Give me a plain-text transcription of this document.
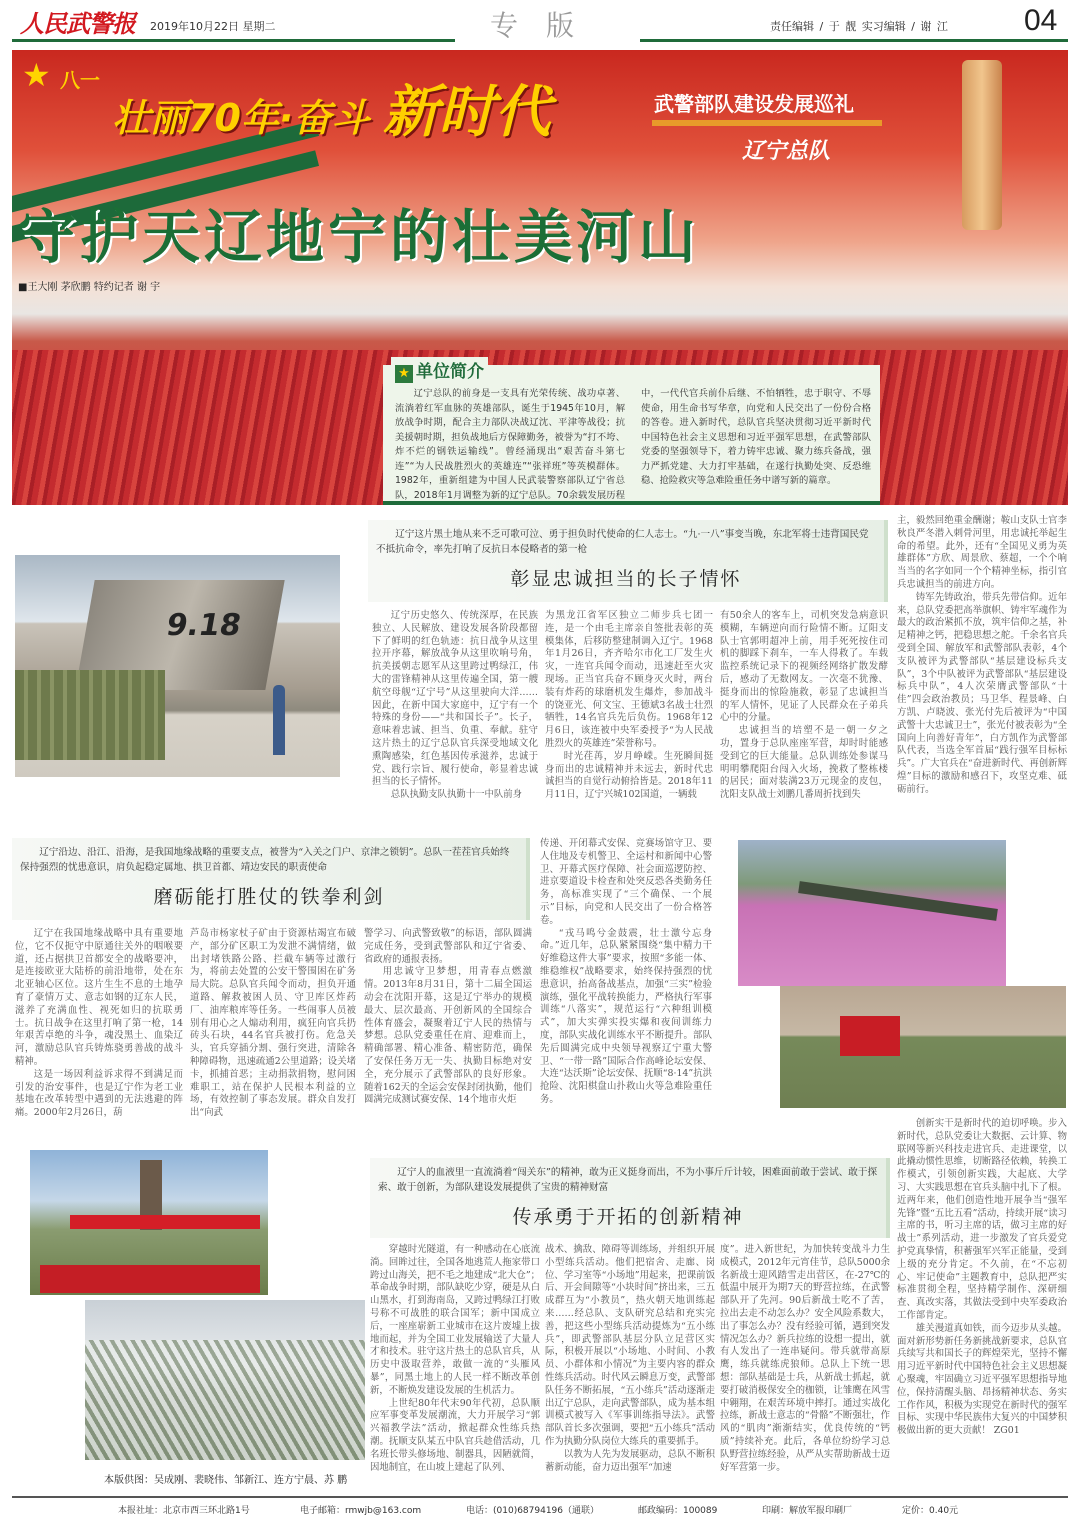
人民武警报 2019年10月22日 星期二	专版	责任编辑 / 于 靓 实习编辑 / 谢 江	04
★ 八一
壮丽70年·奋斗 新时代	武警部队建设发展巡礼
辽宁总队
守护天辽地宁的壮美河山
■王大刚 茅欣鹏 特约记者 谢 宇
★ 单位简介

辽宁总队的前身是一支具有光荣传统、战功卓著、流淌着红军血脉的英雄部队，诞生于1945年10月，解放战争时期，配合主力部队决战辽沈、平津等战役；抗美援朝时期，担负战地后方保障勤务，被誉为“打不垮、炸不烂的钢铁运输线”。曾经涌现出“艰苦奋斗第七连”“为人民战胜烈火的英雄连”“张祥班”等英模群体。1982年，重新组建为中国人民武装警察部队辽宁省总队，2018年1月调整为新的辽宁总队。70余载发展历程中，一代代官兵前仆后继、不怕牺牲，忠于职守、不辱使命，用生命书写华章，向党和人民交出了一份份合格的答卷。进入新时代，总队官兵坚决贯彻习近平新时代中国特色社会主义思想和习近平强军思想，在武警部队党委的坚强领导下，着力铸牢忠诚、聚力练兵备战，强力严抓党建、大力打牢基础，在遂行执勤处突、反恐维稳、抢险救灾等急难险重任务中谱写新的篇章。

9.18
辽宁这片黑土地从来不乏可歌可泣、勇于担负时代使命的仁人志士。“九·一八”事变当晚，东北军将士违背国民党不抵抗命令，率先打响了反抗日本侵略者的第一枪
彰显忠诚担当的长子情怀

辽宁历史悠久、传统深厚，在民族独立、人民解放、建设发展各阶段都留下了鲜明的红色轨迹：抗日战争从这里拉开序幕，解放战争从这里吹响号角，抗美援朝志愿军从这里跨过鸭绿江，伟大的雷锋精神从这里传遍全国，第一艘航空母舰“辽宁号”从这里驶向大洋……因此，在新中国大家庭中，辽宁有一个特殊的身份——“共和国长子”。长子，意味着忠诚、担当、负重、奉献。驻守这片热土的辽宁总队官兵深受地域文化熏陶感染，红色基因传承滋养，忠诚于党、践行宗旨、履行使命，彰显着忠诚担当的长子情怀。

总队执勤支队执勤十一中队前身

为黑龙江省军区独立二师步兵七团一连，是一个由毛主席亲自签批表彰的英模集体，后移防整建制调入辽宁。1968年1月26日，齐齐哈尔市化工厂发生火灾，一连官兵闻令而动，迅速赶至火灾现场。正当官兵奋不顾身灭火时，两台装有炸药的球磨机发生爆炸，参加战斗的饶亚光、何文宝、王德斌3名战士壮烈牺牲，14名官兵先后负伤。1968年12月6日，该连被中央军委授予“为人民战胜烈火的英雄连”荣誉称号。

时光荏苒，岁月峥嵘。生死瞬间挺身而出的忠诚精神并未远去，新时代忠诚担当的自觉行动俯拾皆是。2018年11月11日，辽宁兴城102国道，一辆载

有50余人的客车上，司机突发急病意识模糊，车辆逆向而行险情不断。辽阳支队士官郭明超冲上前，用手死死按住司机的脚踩下刹车，一车人得救了。车载监控系统记录下的视频经网络扩散发酵后，感动了无数网友。一次毫不犹豫、挺身而出的惊险施救，彰显了忠诚担当的军人情怀，见证了人民群众在子弟兵心中的分量。

忠诚担当的培塑不是一朝一夕之功，置身于总队座座军营，却时时能感受到它的巨大能量。总队训练处参谋马明明攀爬阳台闯入火场，挽救了整栋楼的居民；面对装满23万元现金的皮包，沈阳支队战士刘鹏几番周折找到失

主，毅然回绝重金酬谢；鞍山支队士官李秋良严冬潜入刺骨河里，用忠诚托举起生命的希望。此外，还有“全国见义勇为英雄群体”方欣、周景欣、蔡超，一个个响当当的名字如同一个个精神坐标，指引官兵忠诚担当的前进方向。

铸军先铸政治，带兵先带信仰。近年来，总队党委把高举旗帜、铸牢军魂作为最大的政治紧抓不放，筑牢信仰之基，补足精神之钙，把稳思想之舵。千余名官兵受到全国、解放军和武警部队表彰，4个支队被评为武警部队“基层建设标兵支队”，3个中队被评为武警部队“基层建设标兵中队”，4人次荣膺武警部队“十佳”四会政治教员；马卫华、程景峰、白方凯、卢晓波、张光付先后被评为“中国武警十大忠诚卫士”，张光付被表彰为“全国向上向善好青年”，白方凯作为武警部队代表，当选全军首届“践行强军目标标兵”。广大官兵在“奋进新时代、再创新辉煌”目标的激励和感召下，攻坚克难、砥砺前行。

辽宁沿边、沿江、沿海，是我国地缘战略的重要支点，被誉为“入关之门户、京津之锁钥”。总队一茬茬官兵始终保持强烈的忧患意识，肩负起稳定属地、拱卫首都、靖边安民的职责使命
磨砺能打胜仗的铁拳利剑

辽宁在我国地缘战略中具有重要地位，它不仅扼守中原通往关外的咽喉要道，还占据拱卫首都安全的战略要冲，是连接欧亚大陆桥的前沿地带，处在东北亚轴心区位。这片生生不息的土地孕育了豪情万丈、意志如钢的辽东人民，滋养了充满血性、视死如归的抗联勇士。抗日战争在这里打响了第一枪，14年艰苦卓绝的斗争，魂没黑土、血染辽河，激励总队官兵铸炼骁勇善战的战斗精神。

这是一场因利益诉求得不到满足而引发的治安事件，也是辽宁作为老工业基地在改革转型中遇到的无法逃避的阵痛。2000年2月26日，葫

芦岛市杨家杖子矿由于资源枯竭宣布破产，部分矿区职工为发泄不满情绪，做出封堵铁路公路、拦截车辆等过激行为，将前去处置的公安干警围困在矿务局大院。总队官兵闻令而动，担负开通道路、解救被困人员、守卫库区炸药厂、油库粮库等任务。一些闹事人员被别有用心之人煽动利用，疯狂向官兵扔砖头石块，44名官兵被打伤。危急关头，官兵穿插分割、强行突进，清除各种障碍物，迅速疏通2公里道路；设关堵卡，抓捕首恶；主动捐款捐物，慰问困难职工，站在保护人民根本利益的立场，有效控制了事态发展。群众自发打出“向武

警学习、向武警致敬”的标语，部队圆满完成任务，受到武警部队和辽宁省委、省政府的通报表扬。

用忠诚守卫梦想，用青春点燃激情。2013年8月31日，第十二届全国运动会在沈阳开幕，这是辽宁举办的规模最大、层次最高、开创新风的全国综合性体育盛会，凝聚着辽宁人民的热情与梦想。总队党委重任在肩、迎难而上，精确部署、精心准备、精密防范，确保了安保任务万无一失、执勤目标绝对安全，充分展示了武警部队的良好形象。随着162天的全运会安保封闭执勤，他们圆满完成测试赛安保、14个地市火炬

传递、开闭幕式安保、竞赛场馆守卫、要人住地及专机警卫、全运村和新闻中心警卫、开幕式医疗保障、社会面巡逻防控、进京要道设卡检查和处突反恐各类勤务任务，高标准实现了“三个确保、一个展示”目标，向党和人民交出了一份合格答卷。

“戎马鸣兮金鼓震，壮士激兮忘身命。”近几年，总队紧紧围绕“集中精力干好维稳这件大事”要求，按照“多能一体、维稳维权”战略要求，始终保持强烈的忧患意识，抬高备战基点，加强“三实”检验演练，强化平战转换能力，严格执行军事训练“八落实”，规范运行“六种组训模式”，加大实弹实投实爆和夜间训练力度，部队实战化训练水平不断提升。部队先后圆满完成中央领导视察辽宁重大警卫、“一带一路”国际合作高峰论坛安保、大连“达沃斯”论坛安保、抚顺“8·14”抗洪抢险、沈阳棋盘山扑救山火等急难险重任务。

本版供图：吴成刚、裴晓伟、邹新江、连方宁晨、苏 鹏
辽宁人的血液里一直流淌着“闯关东”的精神，敢为正义挺身而出，不为小事斤斤计较，困难面前敢于尝试、敢于探索、敢于创新，为部队建设发展提供了宝贵的精神财富
传承勇于开拓的创新精神

穿越时光隧道，有一种感动在心底流淌。回眸过往，全国各地逃荒人拖家带口跨过山海关，把不毛之地建成“北大仓”；革命战争时期，部队缺吃少穿，硬是从白山黑水，打到海南岛，又跨过鸭绿江打败号称不可战胜的联合国军；新中国成立后，一座座崭新工业城市在这片废墟上拔地而起，并为全国工业发展输送了大量人才和技术。驻守这片热土的总队官兵，从历史中汲取营养，敢做一流的“头雁风暴”，同黑土地上的人民一样不断改革创新，不断焕发建设发展的生机活力。

上世纪80年代末90年代初，总队顺应军事变革发展潮流，大力开展学习“郭兴福教学法”活动，掀起群众性练兵热潮。抚顺支队某五中队官兵趁借活动，几名班长带头修场地、制器具，因陋就简，因地制宜，在山坡上建起了队列、

战术、擒敌、障碍等训练场，并组织开展小型练兵活动。他们把宿舍、走廊、岗位、学习室等“小场地”用起来，把课前饭后、开会间隙等“小块时间”挤出来，三五成群互为“小教员”，热火朝天地训练起来……经总队、支队研究总结和充实完善，把这些小型练兵活动提炼为“五小练兵”，即武警部队基层分队立足营区实际，积极开展以“小场地、小时间、小教员、小群体和小情况”为主要内容的群众性练兵活动。时代风云瞬息万变，武警部队任务不断拓展，“五小练兵”活动逐渐走出辽宁总队，走向武警部队，成为基本组训模式被写入《军事训练指导法》。武警部队首长多次强调，要把“五小练兵”活动作为执勤分队岗位大练兵的重要抓手。

以教为人先为发展驱动，总队不断积蓄新动能，奋力迈出强军“加速

度”。进入新世纪，为加快转变战斗力生成模式，2012年元宵佳节，总队5000余名新战士迎风踏雪走出营区，在-27℃的低温中展开为期7天的野营拉练，在武警部队开了先河。90后新战士吃不了苦，拉出去走不动怎么办？安全风险系数大，出了事怎么办？没有经验可循，遇到突发情况怎么办？新兵拉练的设想一提出，就有人发出了一连串疑问。带兵就带高原鹰，练兵就练虎狼师。总队上下统一思想：部队基础是士兵，从新战士抓起，就要打破消极保安全的枷锁，让雏鹰在风雪中翱翔，在艰苦环境中摔打。通过实战化拉练，新战士意志的“骨骼”不断强壮，作风的“肌肉”渐渐结实，优良传统的“钙质”持续补充。此后，各单位纷纷学习总队野营拉练经验，从严从实帮助新战士迈好军营第一步。

创新实干是新时代的迫切呼唤。步入新时代，总队党委让大数据、云计算、物联网等新兴科技走进官兵、走进课堂，以此撬动惯性思维，切断路径依赖，转换工作模式，引领创新实践，大起底、大学习、大实践思想在官兵头脑中扎下了根。近两年来，他们创造性地开展争当“强军先锋”暨“五比五看”活动，持续开展“读习主席的书，听习主席的话，做习主席的好战士”系列活动，进一步激发了官兵爱党护党真挚情，积蓄强军兴军正能量，受到上级的充分肯定。不久前，在“不忘初心、牢记使命”主题教育中，总队把严实标准贯彻全程，坚持精学制作、深研细查、真改实落，其做法受到中央军委政治工作部肯定。

雄关漫道真如铁，而今迈步从头越。面对新形势新任务新挑战新要求，总队官兵续写共和国长子的辉煌荣光，坚持不懈用习近平新时代中国特色社会主义思想凝心聚魂，牢固确立习近平强军思想指导地位，保持清醒头脑、昂扬精神状态、务实工作作风，积极为实现党在新时代的强军目标、实现中华民族伟大复兴的中国梦积极做出新的更大贡献！ ZG01

本报社址：北京市西三环北路1号	电子邮箱：rmwjb@163.com	电话：(010)68794196（通联）	邮政编码：100089	印刷：解放军报印刷厂	定价：0.40元
